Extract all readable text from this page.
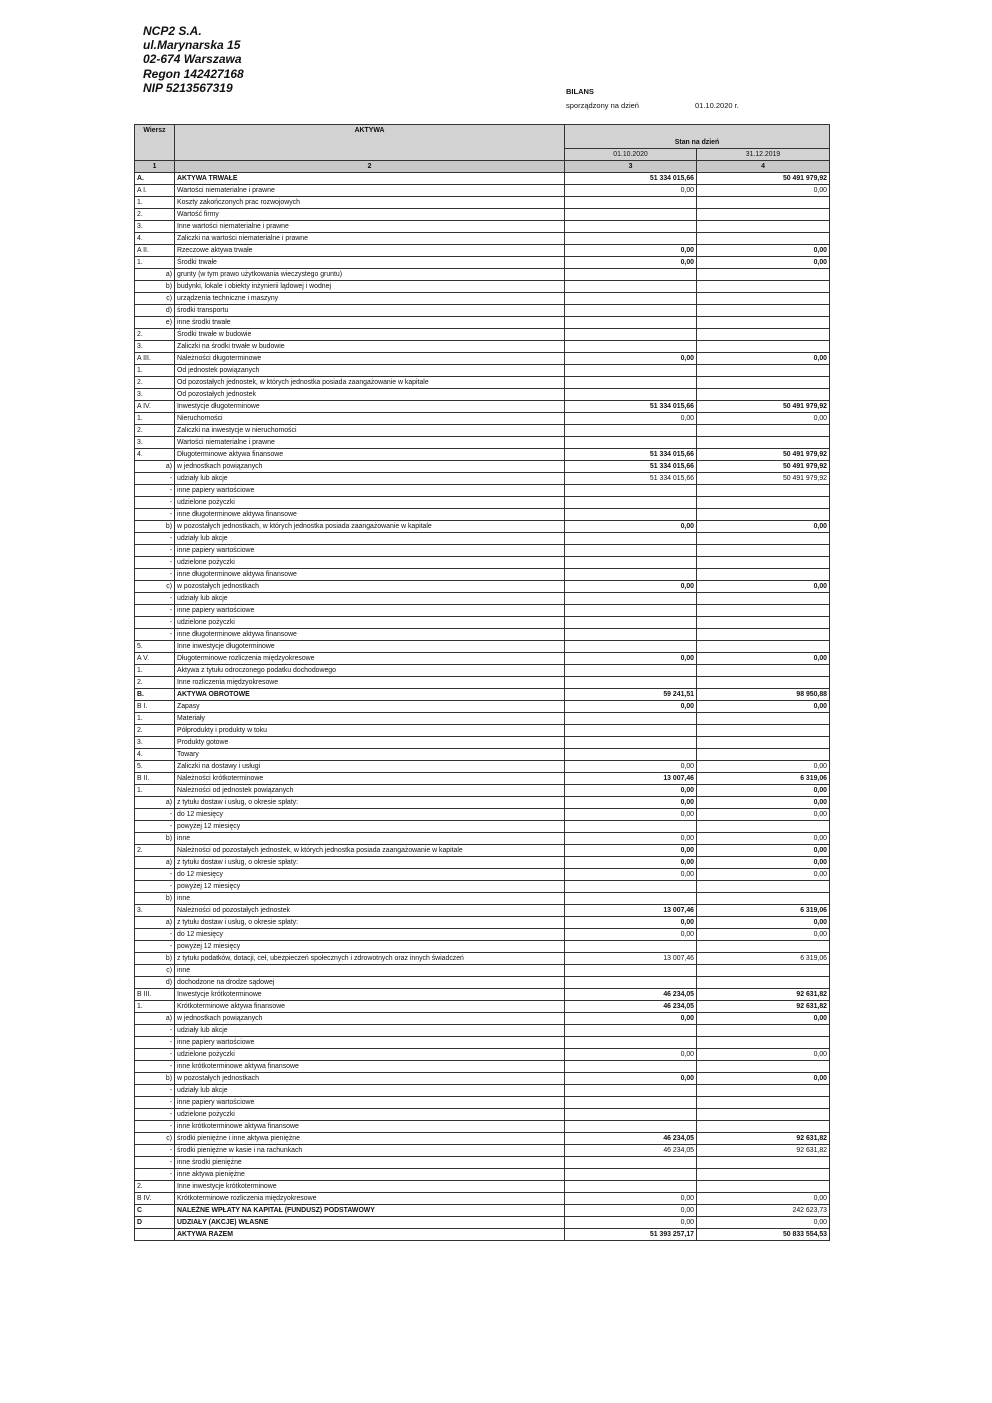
NCP2 S.A.
ul.Marynarska 15
02-674 Warszawa
Regon 142427168
NIP 5213567319	BILANS
sporządzony na dzień	01.10.2020 r.
Wiersz	AKTYWA	Stan na dzień	
		01.10.2020	31.12.2019
1	2	3	4
A.	AKTYWA TRWAŁE	51 334 015,66	50 491 979,92
A I.	Wartości niematerialne i prawne	0,00	0,00
1.	Koszty zakończonych prac rozwojowych		
2.	Wartość firmy		
3.	Inne wartości niematerialne i prawne		
4.	Zaliczki na wartości niematerialne i prawne		
A II.	Rzeczowe aktywa trwałe	0,00	0,00
1.	Środki trwałe	0,00	0,00
a)	grunty (w tym prawo użytkowania wieczystego gruntu)		
b)	budynki, lokale i obiekty inżynierii lądowej i wodnej		
c)	urządzenia techniczne i maszyny		
d)	środki transportu		
e)	inne środki trwałe		
2.	Środki trwałe w budowie		
3.	Zaliczki na środki trwałe w budowie		
A III.	Należności długoterminowe	0,00	0,00
1.	Od jednostek powiązanych		
2.	Od pozostałych jednostek, w których jednostka posiada zaangażowanie w kapitale		
3.	Od pozostałych jednostek		
A IV.	Inwestycje długoterminowe	51 334 015,66	50 491 979,92
1.	Nieruchomości	0,00	0,00
2.	Zaliczki na inwestycje w nieruchomości		
3.	Wartości niematerialne i prawne		
4.	Długoterminowe aktywa finansowe	51 334 015,66	50 491 979,92
a)	w jednostkach powiązanych	51 334 015,66	50 491 979,92
-	udziały lub akcje	51 334 015,66	50 491 979,92
-	inne papiery wartościowe		
-	udzielone pożyczki		
-	inne długoterminowe aktywa finansowe		
b)	w pozostałych jednostkach, w których jednostka posiada zaangażowanie w kapitale	0,00	0,00
-	udziały lub akcje		
-	inne papiery wartościowe		
-	udzielone pożyczki		
-	inne długoterminowe aktywa finansowe		
c)	w pozostałych jednostkach	0,00	0,00
-	udziały lub akcje		
-	inne papiery wartościowe		
-	udzielone pożyczki		
-	inne długoterminowe aktywa finansowe		
5.	Inne inwestycje długoterminowe		
A V.	Długoterminowe rozliczenia międzyokresowe	0,00	0,00
1.	Aktywa z tytułu odroczonego podatku dochodowego		
2.	Inne rozliczenia międzyokresowe		
B.	AKTYWA OBROTOWE	59 241,51	98 950,88
B I.	Zapasy	0,00	0,00
1.	Materiały		
2.	Półprodukty i produkty w toku		
3.	Produkty gotowe		
4.	Towary		
5.	Zaliczki na dostawy i usługi	0,00	0,00
B II.	Należności krótkoterminowe	13 007,46	6 319,06
1.	Należności od jednostek powiązanych	0,00	0,00
a)	z tytułu dostaw i usług, o okresie spłaty:	0,00	0,00
-	do 12 miesięcy	0,00	0,00
-	powyżej 12 miesięcy		
b)	inne	0,00	0,00
2.	Należności od pozostałych jednostek, w których jednostka posiada zaangażowanie w kapitale	0,00	0,00
a)	z tytułu dostaw i usług, o okresie spłaty:	0,00	0,00
-	do 12 miesięcy	0,00	0,00
-	powyżej 12 miesięcy		
b)	inne		
3.	Należności od pozostałych jednostek	13 007,46	6 319,06
a)	z tytułu dostaw i usług, o okresie spłaty:	0,00	0,00
-	do 12 miesięcy	0,00	0,00
-	powyżej 12 miesięcy		
b)	z tytułu podatków, dotacji, ceł, ubezpieczeń społecznych i zdrowotnych oraz innych świadczeń	13 007,46	6 319,06
c)	inne		
d)	dochodzone na drodze sądowej		
B III.	Inwestycje krótkoterminowe	46 234,05	92 631,82
1.	Krótkoterminowe aktywa finansowe	46 234,05	92 631,82
a)	w jednostkach powiązanych	0,00	0,00
-	udziały lub akcje		
-	inne papiery wartościowe		
-	udzielone pożyczki	0,00	0,00
-	inne krótkoterminowe aktywa finansowe		
b)	w pozostałych jednostkach	0,00	0,00
-	udziały lub akcje		
-	inne papiery wartościowe		
-	udzielone pożyczki		
-	inne krótkoterminowe aktywa finansowe		
c)	środki pieniężne i inne aktywa pieniężne	46 234,05	92 631,82
-	środki pieniężne w kasie i na rachunkach	46 234,05	92 631,82
-	inne środki pieniężne		
-	inne aktywa pieniężne		
2.	Inne inwestycje krótkoterminowe		
B IV.	Krótkoterminowe rozliczenia międzyokresowe	0,00	0,00
C	NALEŻNE WPŁATY NA KAPITAŁ (FUNDUSZ) PODSTAWOWY	0,00	242 623,73
D	UDZIAŁY (AKCJE) WŁASNE	0,00	0,00
	AKTYWA RAZEM	51 393 257,17	50 833 554,53
